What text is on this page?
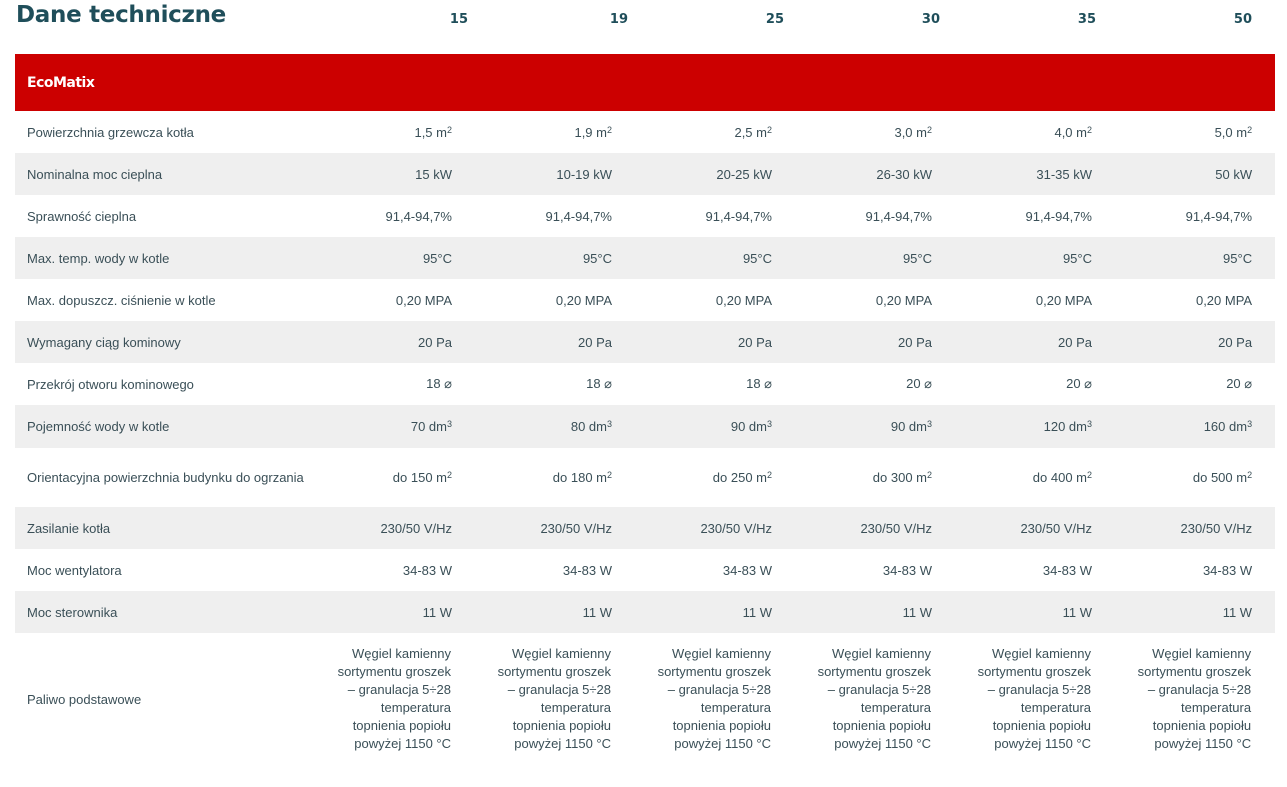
Dane techniczne	15	19	25	30	35	50
EcoMatix						
Powierzchnia grzewcza kotła	1,5 $m^2$	1,9 $m^2$	2,5 $m^2$	3,0 $m^2$	4,0 $m^2$	5,0 $m^2$
Nominalna moc cieplna	15 kW	10-19 kW	20-25 kW	26-30 kW	31-35 kW	50 kW
Sprawność cieplna	91,4-94,7%	91,4-94,7%	91,4-94,7%	91,4-94,7%	91,4-94,7%	91,4-94,7%
Max. temp. wody w kotle	95°C	95°C	95°C	95°C	95°C	95°C
Max. dopuszcz. ciśnienie w kotle	0,20 MPA	0,20 MPA	0,20 MPA	0,20 MPA	0,20 MPA	0,20 MPA
Wymagany ciąg kominowy	20 Pa	20 Pa	20 Pa	20 Pa	20 Pa	20 Pa
Przekrój otworu kominowego	18 ⌀	18 ⌀	18 ⌀	20 ⌀	20 ⌀	20 ⌀
Pojemność wody w kotle	70 $dm^3$	80 $dm^3$	90 $dm^3$	90 $dm^3$	120 $dm^3$	160 $dm^3$
Orientacyjna powierzchnia budynku do ogrzania	do 150 $m^2$	do 180 $m^2$	do 250 $m^2$	do 300 $m^2$	do 400 $m^2$	do 500 $m^2$
Zasilanie kotła	230/50 V/Hz	230/50 V/Hz	230/50 V/Hz	230/50 V/Hz	230/50 V/Hz	230/50 V/Hz
Moc wentylatora	34-83 W	34-83 W	34-83 W	34-83 W	34-83 W	34-83 W
Moc sterownika	11 W	11 W	11 W	11 W	11 W	11 W
Paliwo podstawowe	Węgiel kamienny sortymentu groszek – granulacja 5÷28 temperatura topnienia popiołu powyżej 1150 °C	Węgiel kamienny sortymentu groszek – granulacja 5÷28 temperatura topnienia popiołu powyżej 1150 °C	Węgiel kamienny sortymentu groszek – granulacja 5÷28 temperatura topnienia popiołu powyżej 1150 °C	Węgiel kamienny sortymentu groszek – granulacja 5÷28 temperatura topnienia popiołu powyżej 1150 °C	Węgiel kamienny sortymentu groszek – granulacja 5÷28 temperatura topnienia popiołu powyżej 1150 °C	Węgiel kamienny sortymentu groszek – granulacja 5÷28 temperatura topnienia popiołu powyżej 1150 °C
